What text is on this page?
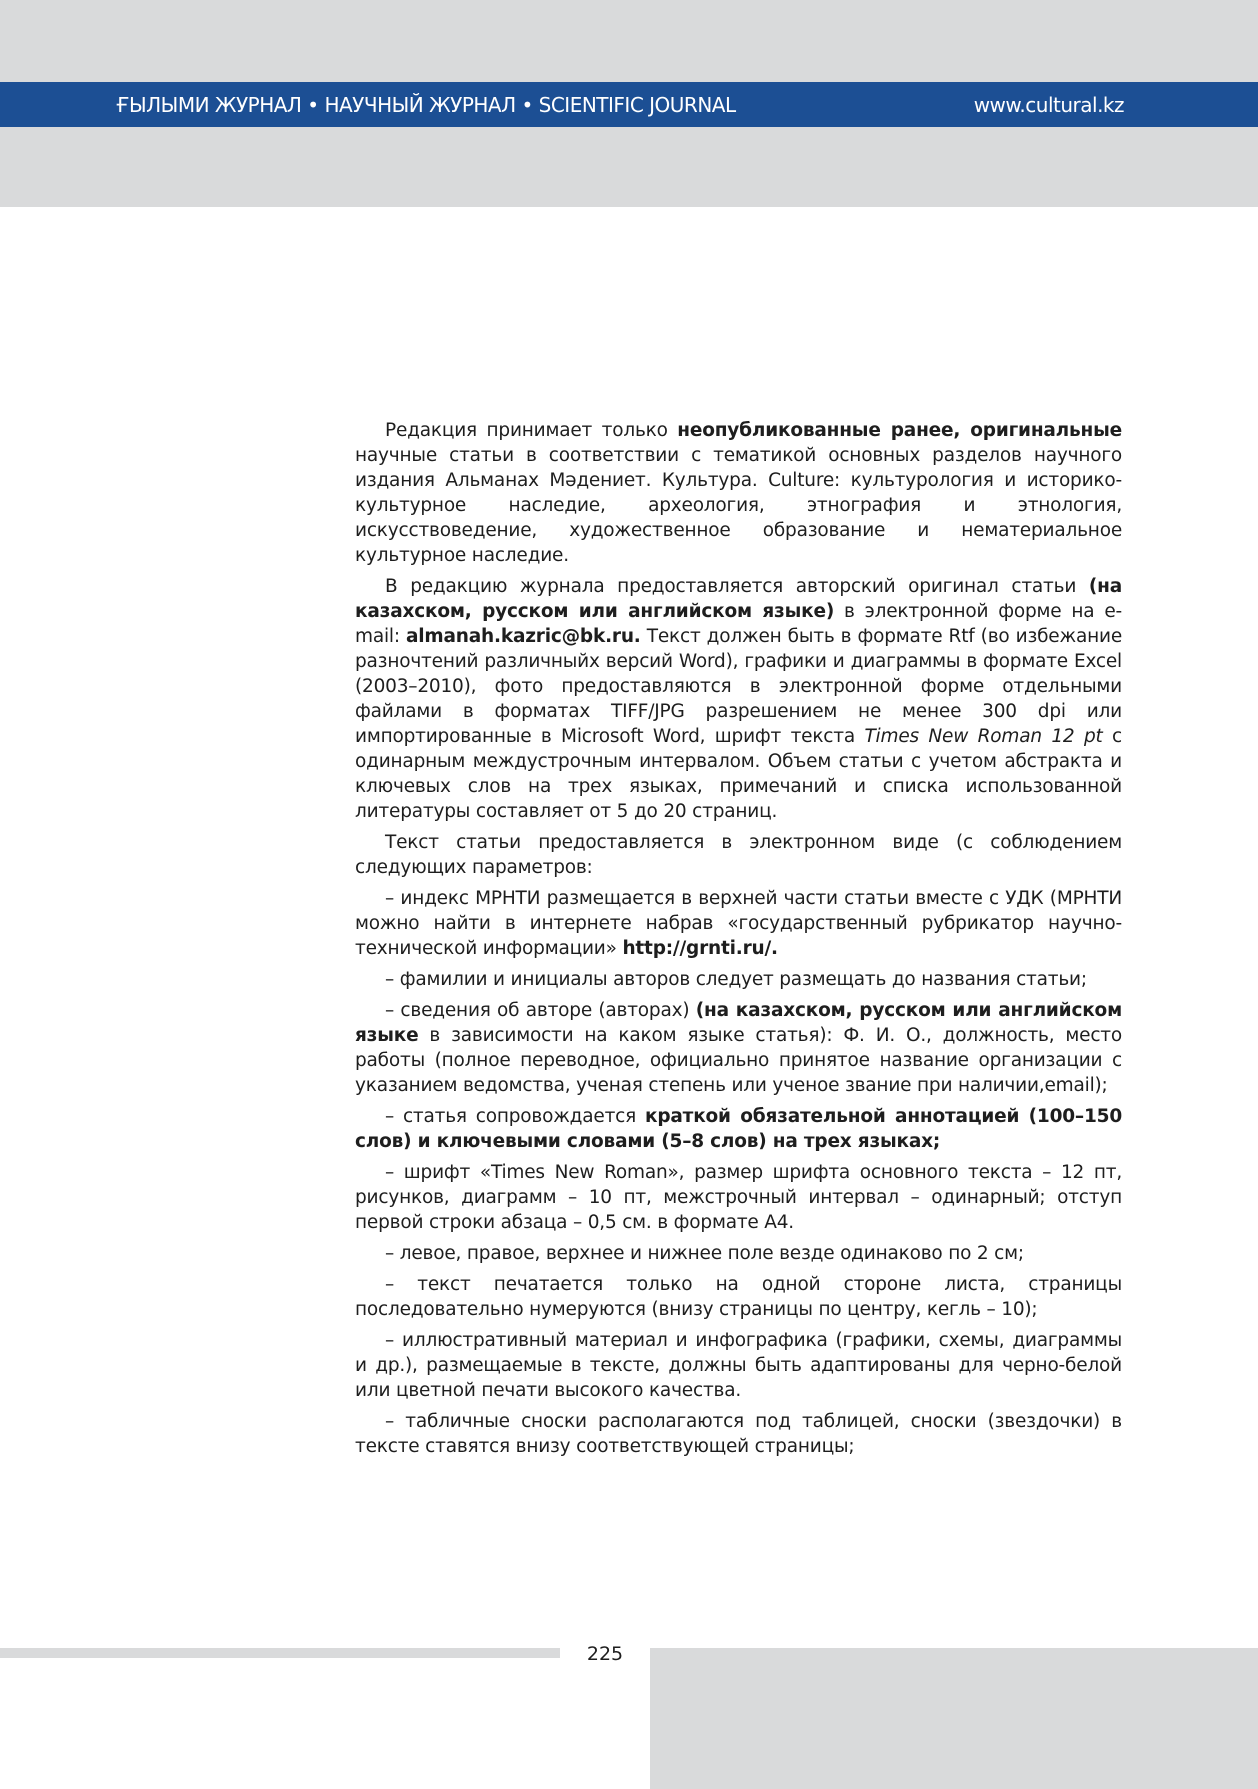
ҒЫЛЫМИ ЖУРНАЛ • НАУЧНЫЙ ЖУРНАЛ • SCIENTIFIC JOURNAL	www.cultural.kz

Редакция принимает только неопубликованные ранее, оригинальные научные статьи в соответствии с тематикой основных разделов научного издания Альманах Мәдениет. Культура. Culture: культурология и историко-культурное наследие, археология, этнография и этнология, искусствоведение, художественное образование и нематериальное культурное наследие.

В редакцию журнала предоставляется авторский оригинал статьи (на казахском, русском или английском языке) в электронной форме на e-mail: almanah.kazric@bk.ru. Текст должен быть в формате Rtf (во избежание разночтений различныйх версий Word), графики и диаграммы в формате Excel (2003–2010), фото предоставляются в электронной форме отдельными файлами в форматах TIFF/JPG разрешением не менее 300 dpi или импортированные в Microsoft Word, шрифт текста Times New Roman 12 pt с одинарным междустрочным интервалом. Объем статьи с учетом абстракта и ключевых слов на трех языках, примечаний и списка использованной литературы составляет от 5 до 20 страниц.

Текст статьи предоставляется в электронном виде (с соблюдением следующих параметров:

– индекс МРНТИ размещается в верхней части статьи вместе с УДК (МРНТИ можно найти в интернете набрав «государственный рубрикатор научно-технической информации» http://grnti.ru/.

– фамилии и инициалы авторов следует размещать до названия статьи;

– сведения об авторе (авторах) (на казахском, русском или английском языке в зависимости на каком языке статья): Ф. И. О., должность, место работы (полное переводное, официально принятое название организации с указанием ведомства, ученая степень или ученое звание при наличии,email);

– статья сопровождается краткой обязательной аннотацией (100–150 слов) и ключевыми словами (5–8 слов) на трех языках;

– шрифт «Times New Roman», размер шрифта основного текста – 12 пт, рисунков, диаграмм – 10 пт, межстрочный интервал – одинарный; отступ первой строки абзаца – 0,5 см. в формате А4.

– левое, правое, верхнее и нижнее поле везде одинаково по 2 см;

– текст печатается только на одной стороне листа, страницы последовательно нумеруются (внизу страницы по центру, кегль – 10);

– иллюстративный материал и инфографика (графики, схемы, диаграммы и др.), размещаемые в тексте, должны быть адаптированы для черно-белой или цветной печати высокого качества.

– табличные сноски располагаются под таблицей, сноски (звездочки) в тексте ставятся внизу соответствующей страницы;

225
